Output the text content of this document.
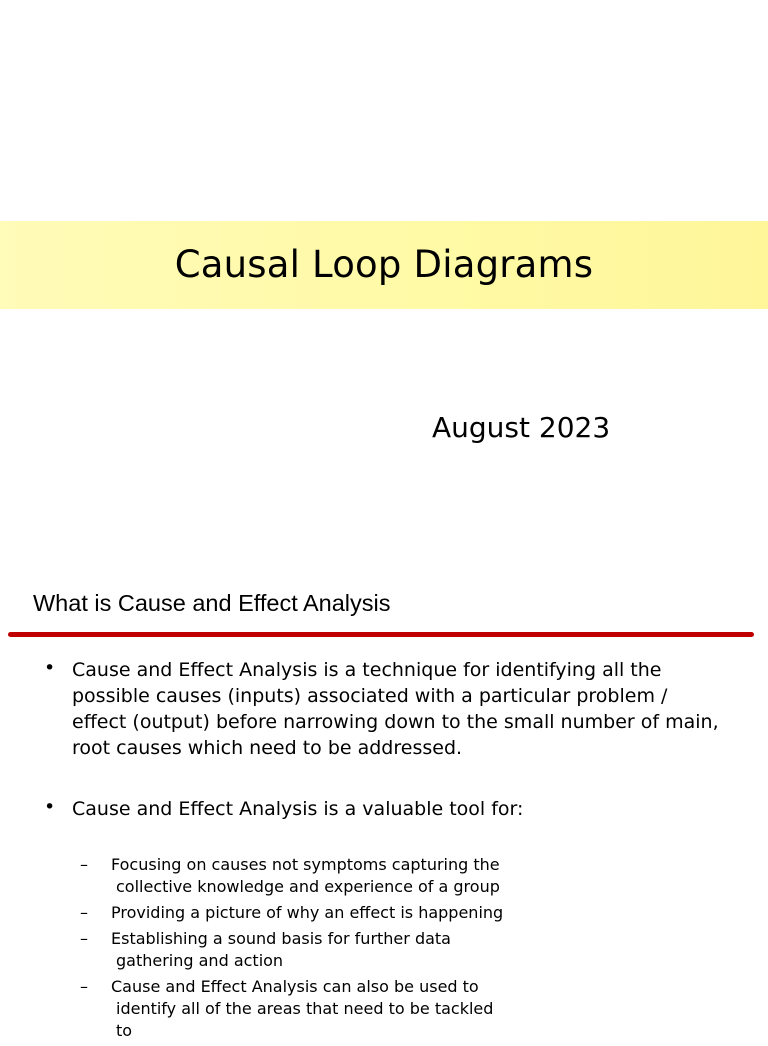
Causal Loop Diagrams
August 2023
What is Cause and Effect Analysis
• Cause and Effect Analysis is a technique for identifying all the possible causes (inputs) associated with a particular problem / effect (output) before narrowing down to the small number of main, root causes which need to be addressed.
• Cause and Effect Analysis is a valuable tool for:
– Focusing on causes not symptoms capturing the
collective knowledge and experience of a group
– Providing a picture of why an effect is happening
– Establishing a sound basis for further data
gathering and action
– Cause and Effect Analysis can also be used to
identify all of the areas that need to be tackled to
